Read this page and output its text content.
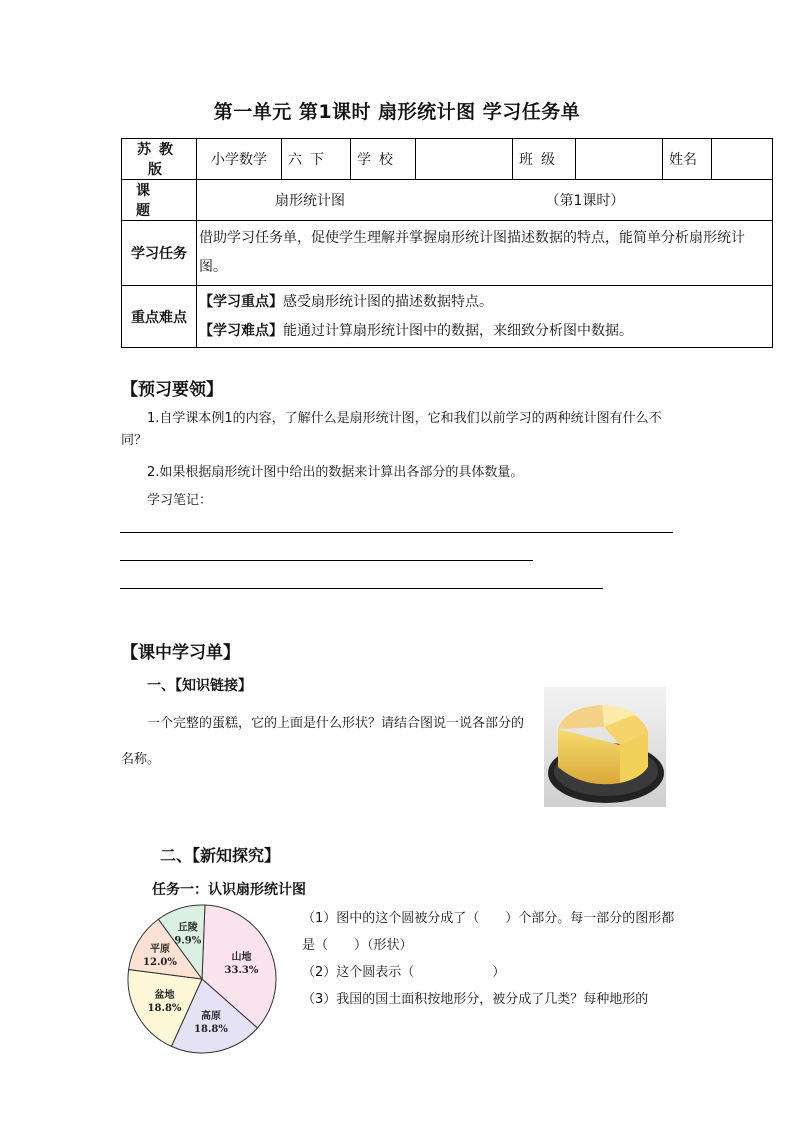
第一单元 第1课时 扇形统计图 学习任务单
苏教版	小学数学	六下	学校		班级		姓名	
课题	扇形统计图 （第1课时）							
学习任务	借助学习任务单，促使学生理解并掌握扇形统计图描述数据的特点，能简单分析扇形统计图。							
重点难点	【学习重点】感受扇形统计图的描述数据特点。
【学习难点】能通过计算扇形统计图中的数据，来细致分析图中数据。							
【预习要领】
1.自学课本例1的内容，了解什么是扇形统计图，它和我们以前学习的两种统计图有什么不同？
2.如果根据扇形统计图中给出的数据来计算出各部分的具体数量。
学习笔记：
【课中学习单】
一、【知识链接】
一个完整的蛋糕，它的上面是什么形状？请结合图说一说各部分的名称。
二、【新知探究】
任务一：认识扇形统计图
山地
33.3%
高原
18.8%
盆地
18.8%
平原
12.0%
丘陵
9.9%
（1）图中的这个圆被分成了（　　）个部分。每一部分的图形都是（　　）（形状）
（2）这个圆表示（　　　　　　）
（3）我国的国土面积按地形分，被分成了几类？每种地形的
